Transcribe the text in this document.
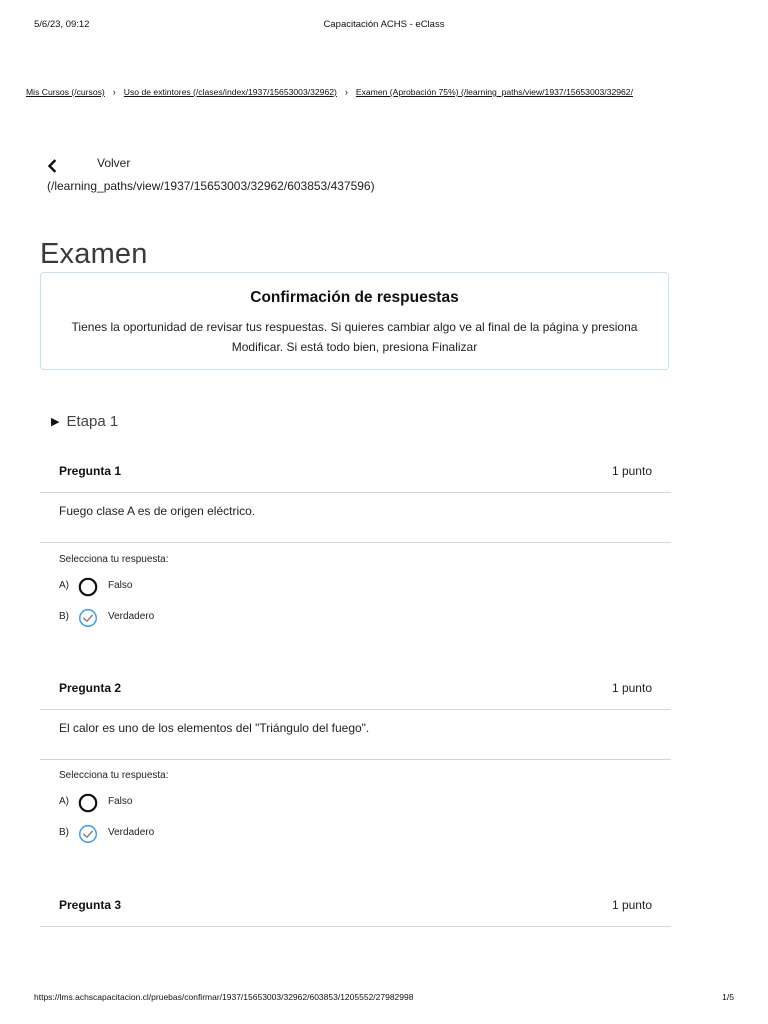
5/6/23, 09:12	Capacitación ACHS - eClass
Mis Cursos (/cursos) › Uso de extintores (/clases/index/1937/15653003/32962) › Examen (Aprobación 75%) (/learning_paths/view/1937/15653003/32962/
Volver
(/learning_paths/view/1937/15653003/32962/603853/437596)
Examen
Confirmación de respuestas
Tienes la oportunidad de revisar tus respuestas. Si quieres cambiar algo ve al final de la página y presiona Modificar. Si está todo bien, presiona Finalizar
▶ Etapa 1
Pregunta 1	1 punto
Fuego clase A es de origen eléctrico.
Selecciona tu respuesta:
A)	Falso
B)	Verdadero
Pregunta 2	1 punto
El calor es uno de los elementos del "Triángulo del fuego".
Selecciona tu respuesta:
A)	Falso
B)	Verdadero
Pregunta 3	1 punto
https://lms.achscapacitacion.cl/pruebas/confirmar/1937/15653003/32962/603853/1205552/27982998	1/5
